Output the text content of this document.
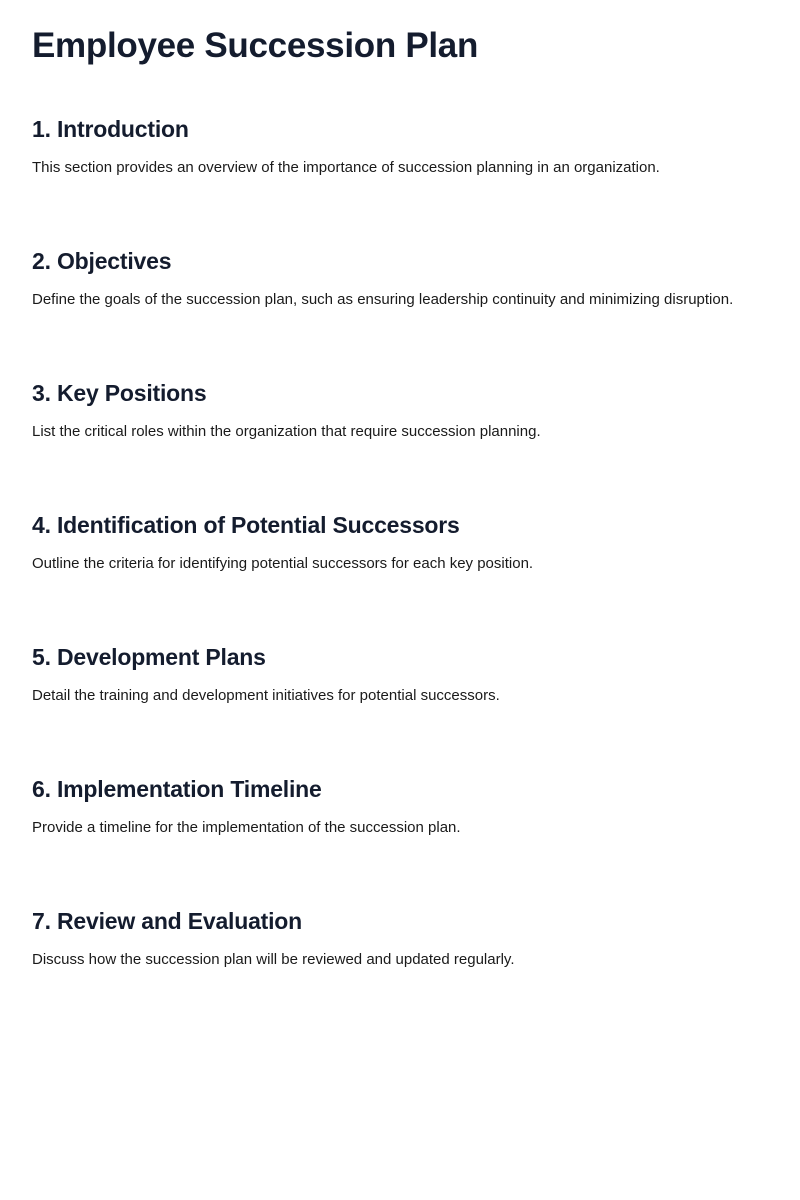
Employee Succession Plan
1. Introduction

This section provides an overview of the importance of succession planning in an organization.

2. Objectives

Define the goals of the succession plan, such as ensuring leadership continuity and minimizing disruption.

3. Key Positions

List the critical roles within the organization that require succession planning.

4. Identification of Potential Successors

Outline the criteria for identifying potential successors for each key position.

5. Development Plans

Detail the training and development initiatives for potential successors.

6. Implementation Timeline

Provide a timeline for the implementation of the succession plan.

7. Review and Evaluation

Discuss how the succession plan will be reviewed and updated regularly.
